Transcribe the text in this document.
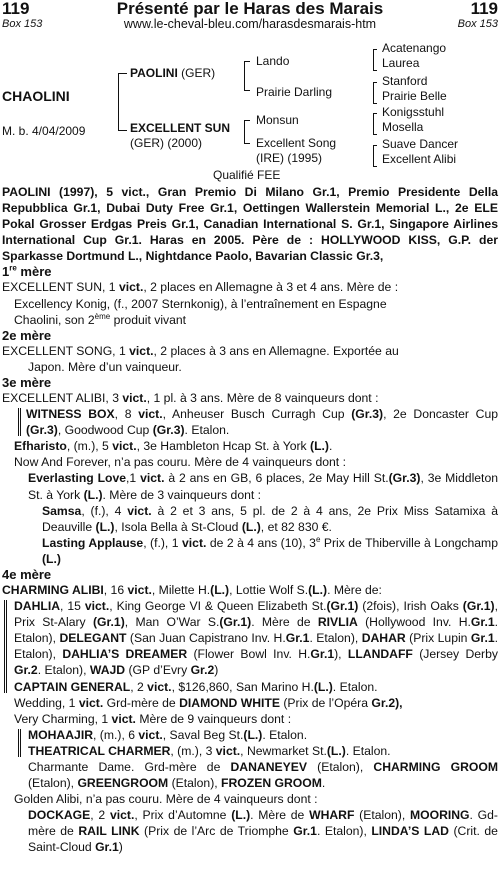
119	Présenté par le Haras des Marais	119
Box 153	www.le-cheval-bleu.com/harasdesmarais-htm	Box 153
CHAOLINI
M. b. 4/04/2009
PAOLINI (GER)
EXCELLENT SUN
(GER) (2000)
Lando
Prairie Darling
Monsun
Excellent Song
(IRE) (1995)
Acatenango
Laurea
Stanford
Prairie Belle
Konigsstuhl
Mosella
Suave Dancer
Excellent Alibi
Qualifié FEE

PAOLINI (1997), 5 vict., Gran Premio Di Milano Gr.1, Premio Presidente Della Repubblica Gr.1, Dubai Duty Free Gr.1, Oettingen Wallerstein Memorial L., 2e ELE Pokal Grosser Erdgas Preis Gr.1, Canadian International S. Gr.1, Singapore Airlines International Cup Gr.1. Haras en 2005. Père de : HOLLYWOOD KISS, G.P. der Sparkasse Dortmund L., Nightdance Paolo, Bavarian Classic Gr.3,

1re mère

EXCELLENT SUN, 1 vict., 2 places en Allemagne à 3 et 4 ans. Mère de :

Excellency Konig, (f., 2007 Sternkonig), à l’entraînement en Espagne

Chaolini, son 2ème produit vivant

2e mère

EXCELLENT SONG, 1 vict., 2 places à 3 ans en Allemagne. Exportée au

Japon. Mère d’un vainqueur.

3e mère

EXCELLENT ALIBI, 3 vict., 1 pl. à 3 ans. Mère de 8 vainqueurs dont :

WITNESS BOX, 8 vict., Anheuser Busch Curragh Cup (Gr.3), 2e Doncaster Cup (Gr.3), Goodwood Cup (Gr.3). Etalon.

Efharisto, (m.), 5 vict., 3e Hambleton Hcap St. à York (L.).

Now And Forever, n’a pas couru. Mère de 4 vainqueurs dont :

Everlasting Love,1 vict. à 2 ans en GB, 6 places, 2e May Hill St.(Gr.3), 3e Middleton St. à York (L.). Mère de 3 vainqueurs dont :

Samsa, (f.), 4 vict. à 2 et 3 ans, 5 pl. de 2 à 4 ans, 2e Prix Miss Satamixa à Deauville (L.), Isola Bella à St-Cloud (L.), et 82 830 €.

Lasting Applause, (f.), 1 vict. de 2 à 4 ans (10), 3e Prix de Thiberville à Longchamp (L.)

4e mère

CHARMING ALIBI, 16 vict., Milette H.(L.), Lottie Wolf S.(L.). Mère de:

DAHLIA, 15 vict., King George VI & Queen Elizabeth St.(Gr.1) (2fois), Irish Oaks (Gr.1), Prix St-Alary (Gr.1), Man O’War S.(Gr.1). Mère de RIVLIA (Hollywood Inv. H.Gr.1. Etalon), DELEGANT (San Juan Capistrano Inv. H.Gr.1. Etalon), DAHAR (Prix Lupin Gr.1. Etalon), DAHLIA’S DREAMER (Flower Bowl Inv. H.Gr.1), LLANDAFF (Jersey Derby Gr.2. Etalon), WAJD (GP d’Evry Gr.2)

CAPTAIN GENERAL, 2 vict., $126,860, San Marino H.(L.). Etalon.

Wedding, 1 vict. Grd-mère de DIAMOND WHITE (Prix de l’Opéra Gr.2),

Very Charming, 1 vict. Mère de 9 vainqueurs dont :

MOHAAJIR, (m.), 6 vict., Saval Beg St.(L.). Etalon.

THEATRICAL CHARMER, (m.), 3 vict., Newmarket St.(L.). Etalon.

Charmante Dame. Grd-mère de DANANEYEV (Etalon), CHARMING GROOM (Etalon), GREENGROOM (Etalon), FROZEN GROOM.

Golden Alibi, n’a pas couru. Mère de 4 vainqueurs dont :

DOCKAGE, 2 vict., Prix d’Automne (L.). Mère de WHARF (Etalon), MOORING. Gd-mère de RAIL LINK (Prix de l’Arc de Triomphe Gr.1. Etalon), LINDA’S LAD (Crit. de Saint-Cloud Gr.1)
